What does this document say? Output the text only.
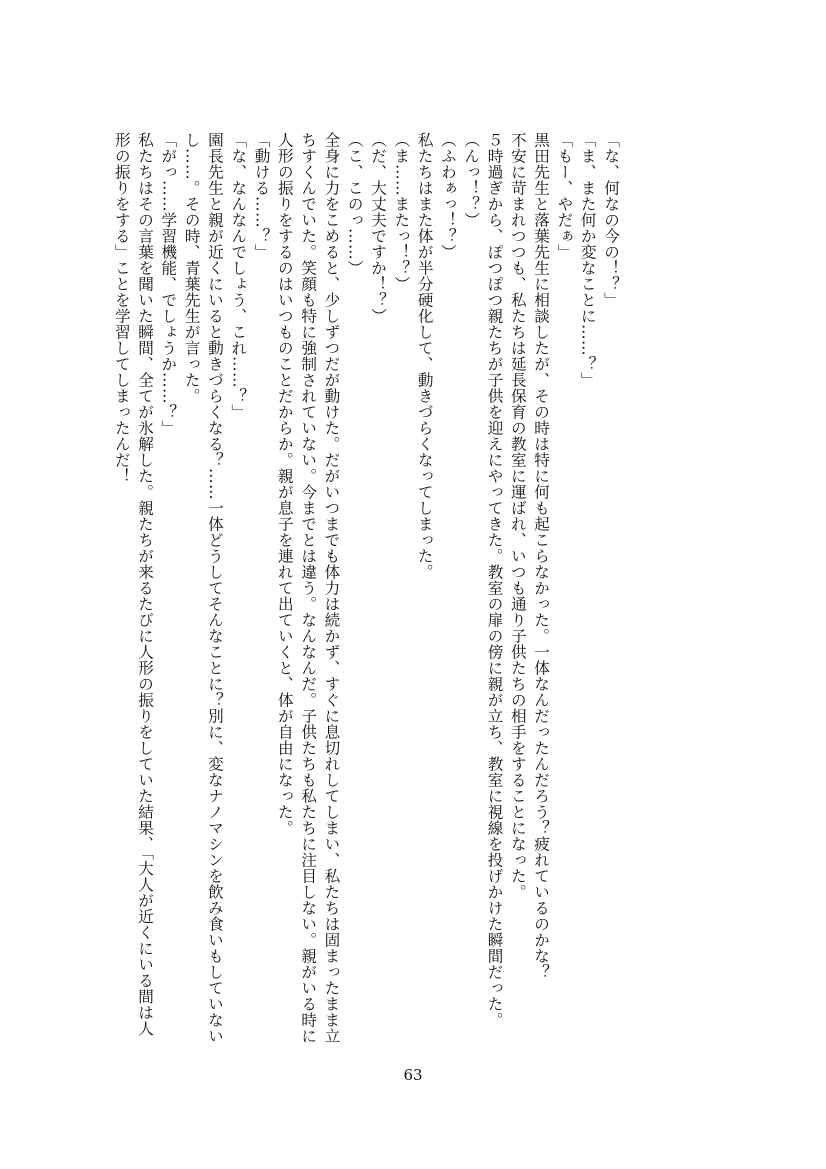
「な、何なの今の！？」
「ま、また何か変なことに……？」
「もー、やだぁ」
黒田先生と落葉先生に相談したが、その時は特に何も起こらなかった。一体なんだったんだろう？疲れているのかな？
不安に苛まれつつも、私たちは延長保育の教室に運ばれ、いつも通り子供たちの相手をすることになった。
５時過ぎから、ぽつぽつ親たちが子供を迎えにやってきた。教室の扉の傍に親が立ち、教室に視線を投げかけた瞬間だった。
（んっ！？）
（ふわぁっ！？）
私たちはまた体が半分硬化して、動きづらくなってしまった。
（ま……またっ！？）
（だ、大丈夫ですか！？）
（こ、このっ……）
全身に力をこめると、少しずつだが動けた。だがいつまでも体力は続かず、すぐに息切れしてしまい、私たちは固まったまま立ちすくんでいた。笑顔も特に強制されていない。今までとは違う。なんなんだ。子供たちも私たちに注目しない。親がいる時に人形の振りをするのはいつものことだからか。親が息子を連れて出ていくと、体が自由になった。
「動ける……？」
「な、なんなんでしょう、これ……？」
園長先生と親が近くにいると動きづらくなる？……一体どうしてそんなことに？別に、変なナノマシンを飲み食いもしていないし……。その時、青葉先生が言った。
「がっ……学習機能、でしょうか……？」
私たちはその言葉を聞いた瞬間、全てが氷解した。親たちが来るたびに人形の振りをしていた結果、「大人が近くにいる間は人形の振りをする」ことを学習してしまったんだ！
63
